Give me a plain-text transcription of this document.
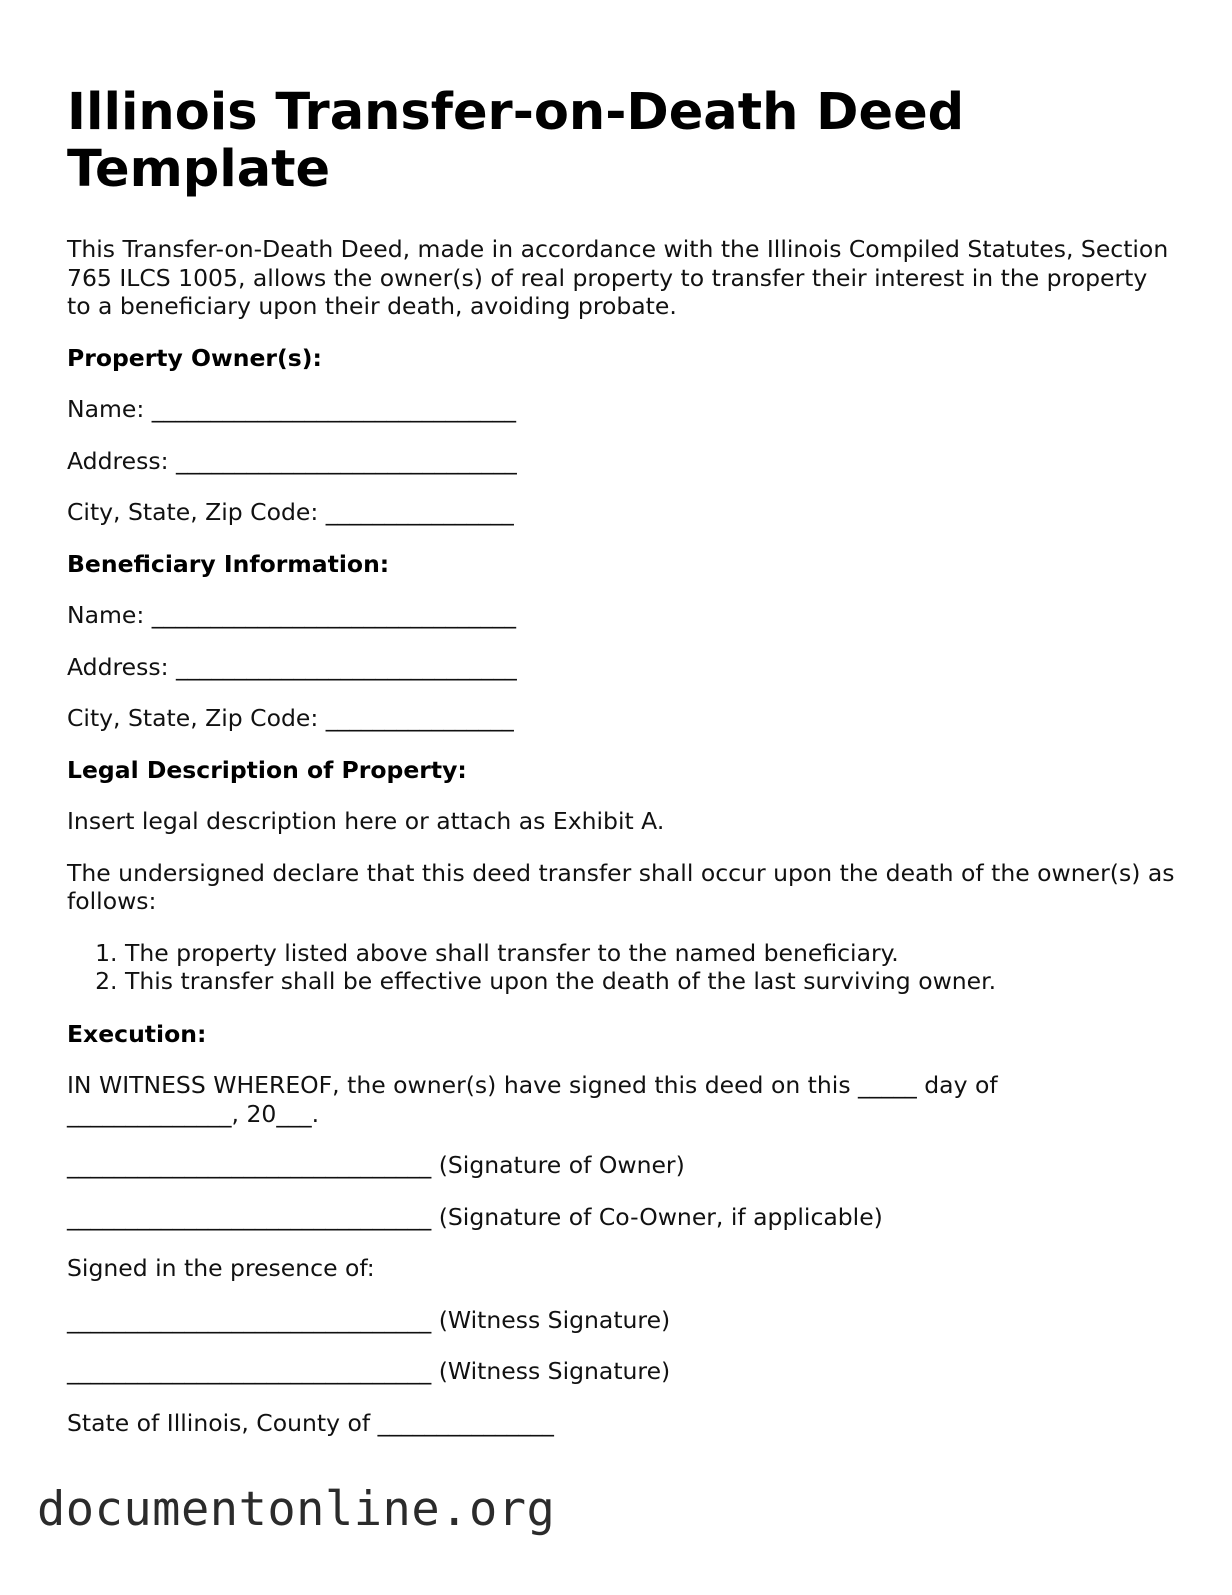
Illinois Transfer-on-Death Deed Template

This Transfer-on-Death Deed, made in accordance with the Illinois Compiled Statutes, Section 765 ILCS 1005, allows the owner(s) of real property to transfer their interest in the property to a beneficiary upon their death, avoiding probate.

Property Owner(s):

Name: _______________________________

Address: _____________________________

City, State, Zip Code: ________________

Beneficiary Information:

Name: _______________________________

Address: _____________________________

City, State, Zip Code: ________________

Legal Description of Property:

Insert legal description here or attach as Exhibit A.

The undersigned declare that this deed transfer shall occur upon the death of the owner(s) as follows:

1. The property listed above shall transfer to the named beneficiary.
2. This transfer shall be effective upon the death of the last surviving owner.
Execution:

IN WITNESS WHEREOF, the owner(s) have signed this deed on this _____ day of ______________, 20___.

_______________________________ (Signature of Owner)

_______________________________ (Signature of Co-Owner, if applicable)

Signed in the presence of:

_______________________________ (Witness Signature)

_______________________________ (Witness Signature)

State of Illinois, County of _______________

documentonline.org
